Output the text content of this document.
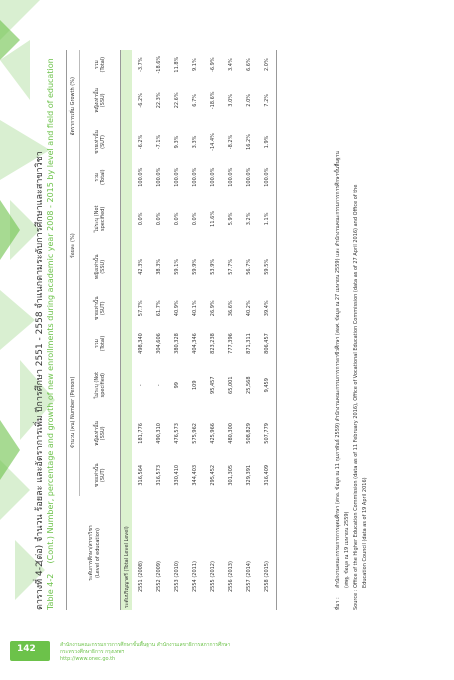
142	สำนักงานคณะกรรมการการศึกษาขั้นพื้นฐาน สำนักงานเลขาธิการสภาการศึกษา
กระทรวงศึกษาธิการ กรุงเทพฯ
http://www.onec.go.th
ตารางที่ 4-2 (ต่อ) จำนวน ร้อยละ และอัตราการเพิ่ม ปีการศึกษา 2551 - 2558 จำแนกตามระดับการศึกษาและสาขาวิชา
Table 4-2 (Cont.) Number, percentage and growth of new enrollments during academic year 2008 - 2015 by level and field of education	ระดับการศึกษา/สาขาวิชา (Level of education)	จำนวน (คน) Number (Person)				ร้อยละ (%)				อัตราการเพิ่ม Growth (%)		
	ชายเท่านั้น (SUT)	หญิงเท่านั้น (SSU)	ไม่ระบุ (Not specified)	รวม (Total)	ชายเท่านั้น (SUT)	หญิงเท่านั้น (SSU)	ไม่ระบุ (Not specified)	รวม (Total)	ชายเท่านั้น (SUT)	หญิงเท่านั้น (SSU)	รวม (Total)
ระดับปริญญาตรี (Total Level Level)											
2551 (2008)	316,564	181,776	-	498,340	57.7%	42.3%	0.0%	100.0%	-6.2%	-6.2%	-3.7%
2552 (2009)	316,573	490,310	-	304,606	61.7%	38.3%	0.0%	100.0%	-7.1%	22.3%	-18.6%
2553 (2010)	330,410	476,573	99	380,328	40.9%	59.1%	0.0%	100.0%	9.3%	22.6%	11.8%
2554 (2011)	344,403	575,962	109	404,346	40.1%	59.9%	0.0%	100.0%	3.3%	6.7%	9.1%
2555 (2012)	295,452	425,966	95,457	823,238	26.9%	53.9%	11.6%	100.0%	-14.4%	-18.6%	-6.9%
2556 (2013)	301,305	480,300	65,001	777,396	36.6%	57.7%	5.9%	100.0%	-8.2%	3.0%	3.4%
2557 (2014)	329,391	508,829	25,568	871,311	40.2%	56.7%	3.2%	100.0%	16.2%	2.0%	6.6%
2558 (2015)	316,409	507,779	9,459	806,457	39.4%	59.5%	1.1%	100.0%	1.9%	7.2%	2.0%
ที่มา :
สำนักงานคณะกรรมการการอุดมศึกษา (สกอ. ข้อมูล ณ 11 กุมภาพันธ์ 2559) สำนักงานคณะกรรมการการอาชีวศึกษา (สอศ. ข้อมูล ณ 27 เมษายน 2559) และ สำนักงานคณะกรรมการการศึกษาขั้นพื้นฐาน (สพฐ. ข้อมูล ณ 19 เมษายน 2559)
Source :
Office of the Higher Education Commission (data as of 11 February 2016), Office of Vocational Education Commission (data as of 27 April 2016) and Office of the Education Council (data as of 19 April 2016)
